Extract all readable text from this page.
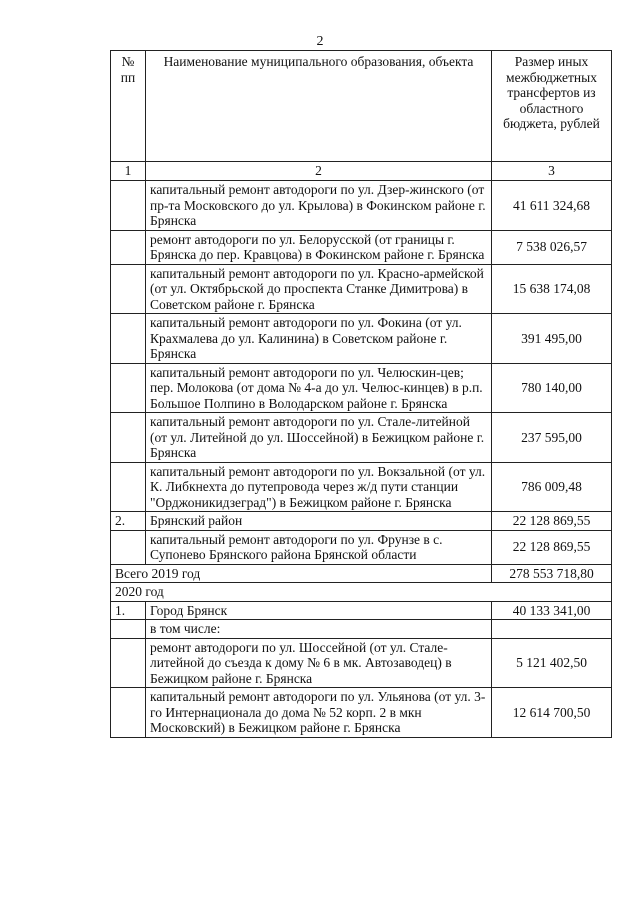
2
№ пп	Наименование муниципального образования, объекта	Размер иных межбюджетных трансфертов из областного бюджета, рублей
1	2	3
	капитальный ремонт автодороги по ул. Дзер-жинского (от пр-та Московского до ул. Крылова) в Фокинском районе г. Брянска	41 611 324,68
	ремонт автодороги по ул. Белорусской (от границы г. Брянска до пер. Кравцова) в Фокинском районе г. Брянска	7 538 026,57
	капитальный ремонт автодороги по ул. Красно-армейской (от ул. Октябрьской до проспекта Станке Димитрова) в Советском районе г. Брянска	15 638 174,08
	капитальный ремонт автодороги по ул. Фокина (от ул. Крахмалева до ул. Калинина) в Советском районе г. Брянска	391 495,00
	капитальный ремонт автодороги по ул. Челюскин-цев; пер. Молокова (от дома № 4-а до ул. Челюс-кинцев) в р.п. Большое Полпино в Володарском районе г. Брянска	780 140,00
	капитальный ремонт автодороги по ул. Стале-литейной (от ул. Литейной до ул. Шоссейной) в Бежицком районе г. Брянска	237 595,00
	капитальный ремонт автодороги по ул. Вокзальной (от ул. К. Либкнехта до путепровода через ж/д пути станции "Орджоникидзеград") в Бежицком районе г. Брянска	786 009,48
2.	Брянский район	22 128 869,55
	капитальный ремонт автодороги по ул. Фрунзе в с. Супонево Брянского района Брянской области	22 128 869,55
Всего 2019 год		278 553 718,80
2020 год		
1.	Город Брянск	40 133 341,00
	в том числе:	
	ремонт автодороги по ул. Шоссейной (от ул. Стале-литейной до съезда к дому № 6 в мк. Автозаводец) в Бежицком районе г. Брянска	5 121 402,50
	капитальный ремонт автодороги по ул. Ульянова (от ул. 3-го Интернационала до дома № 52 корп. 2 в мкн Московский) в Бежицком районе г. Брянска	12 614 700,50
